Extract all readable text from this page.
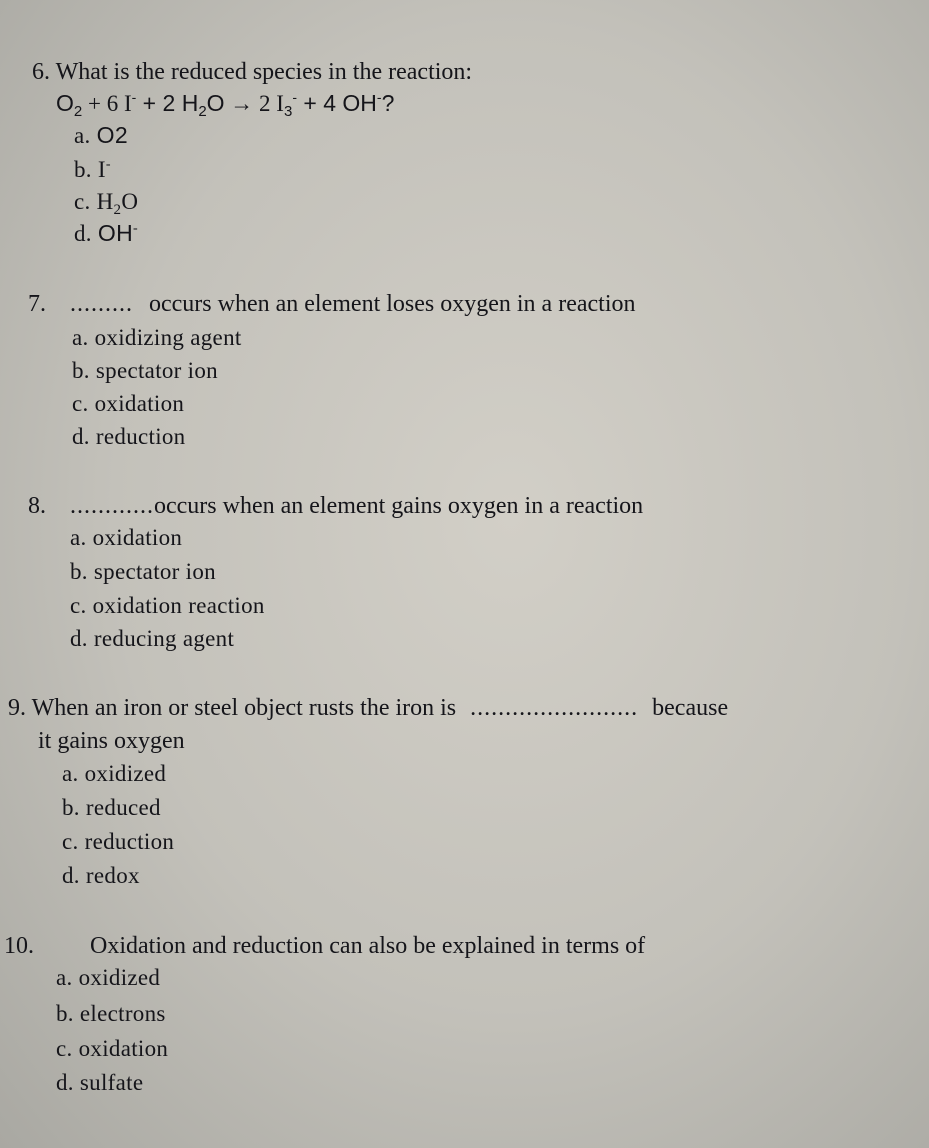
6. What is the reduced species in the reaction:
$O_2 + 6$ I- + 2 $H_2O \to 2$ $I_3^- + 4$ OH-?
a. O2
b. I-
c. $H_2O$
d. OH-
7. ......... occurs when an element loses oxygen in a reaction
a. oxidizing agent
b. spectator ion
c. oxidation
d. reduction
8. ............occurs when an element gains oxygen in a reaction
a. oxidation
b. spectator ion
c. oxidation reaction
d. reducing agent
9. When an iron or steel object rusts the iron is ........................ because
it gains oxygen
a. oxidized
b. reduced
c. reduction
d. redox
10. Oxidation and reduction can also be explained in terms of
a. oxidized
b. electrons
c. oxidation
d. sulfate
